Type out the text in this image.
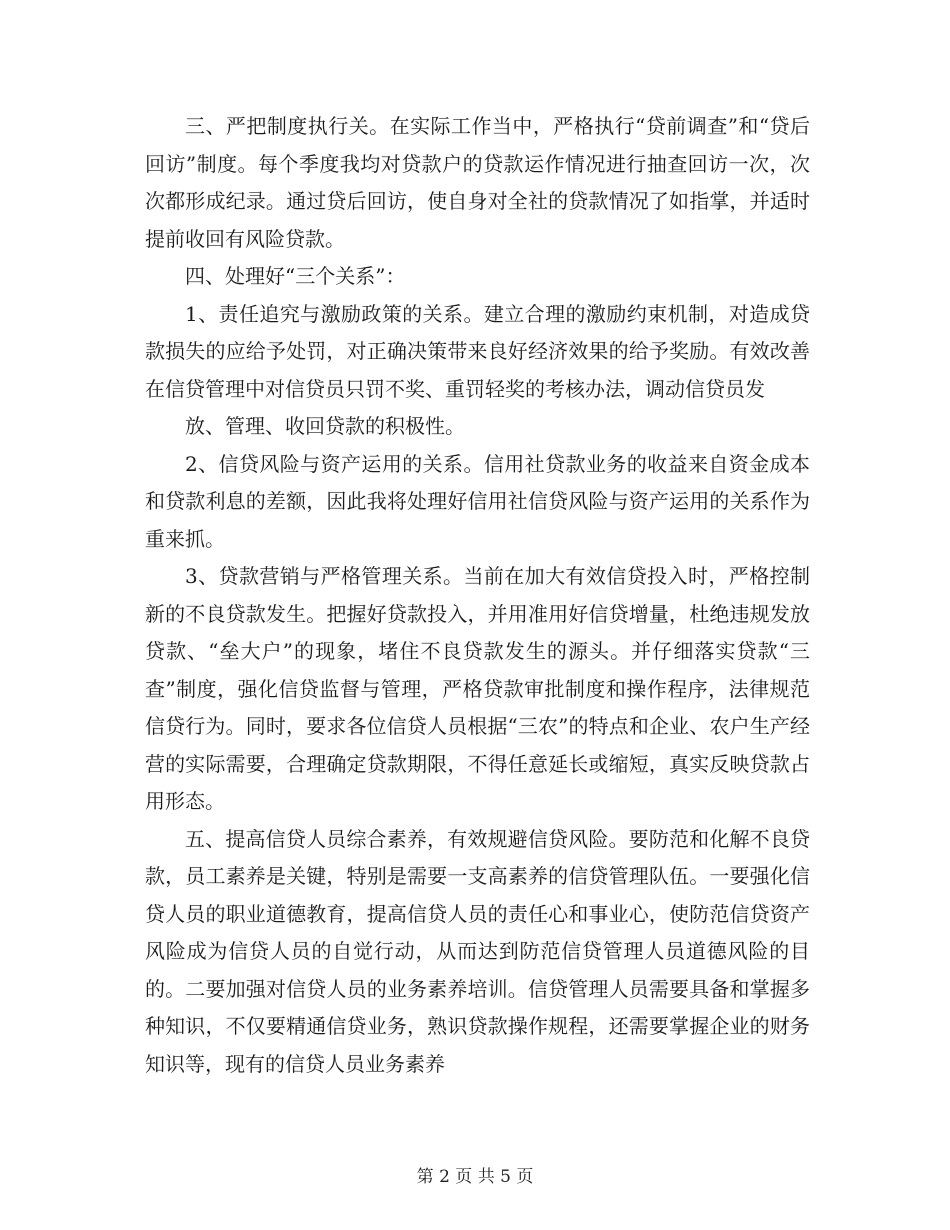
三、严把制度执行关。在实际工作当中，严格执行“贷前调查”和“贷后回访”制度。每个季度我均对贷款户的贷款运作情况进行抽查回访一次，次次都形成纪录。通过贷后回访，使自身对全社的贷款情况了如指掌，并适时提前收回有风险贷款。

四、处理好“三个关系”：

1、责任追究与激励政策的关系。建立合理的激励约束机制，对造成贷款损失的应给予处罚，对正确决策带来良好经济效果的给予奖励。有效改善在信贷管理中对信贷员只罚不奖、重罚轻奖的考核办法，调动信贷员发

放、管理、收回贷款的积极性。

2、信贷风险与资产运用的关系。信用社贷款业务的收益来自资金成本和贷款利息的差额，因此我将处理好信用社信贷风险与资产运用的关系作为重来抓。

3、贷款营销与严格管理关系。当前在加大有效信贷投入时，严格控制新的不良贷款发生。把握好贷款投入，并用准用好信贷增量，杜绝违规发放贷款、“垒大户”的现象，堵住不良贷款发生的源头。并仔细落实贷款“三查”制度，强化信贷监督与管理，严格贷款审批制度和操作程序，法律规范信贷行为。同时，要求各位信贷人员根据“三农”的特点和企业、农户生产经营的实际需要，合理确定贷款期限，不得任意延长或缩短，真实反映贷款占用形态。

五、提高信贷人员综合素养，有效规避信贷风险。要防范和化解不良贷款，员工素养是关键，特别是需要一支高素养的信贷管理队伍。一要强化信贷人员的职业道德教育，提高信贷人员的责任心和事业心，使防范信贷资产风险成为信贷人员的自觉行动，从而达到防范信贷管理人员道德风险的目的。二要加强对信贷人员的业务素养培训。信贷管理人员需要具备和掌握多种知识，不仅要精通信贷业务，熟识贷款操作规程，还需要掌握企业的财务知识等，现有的信贷人员业务素养

第 2 页 共 5 页
